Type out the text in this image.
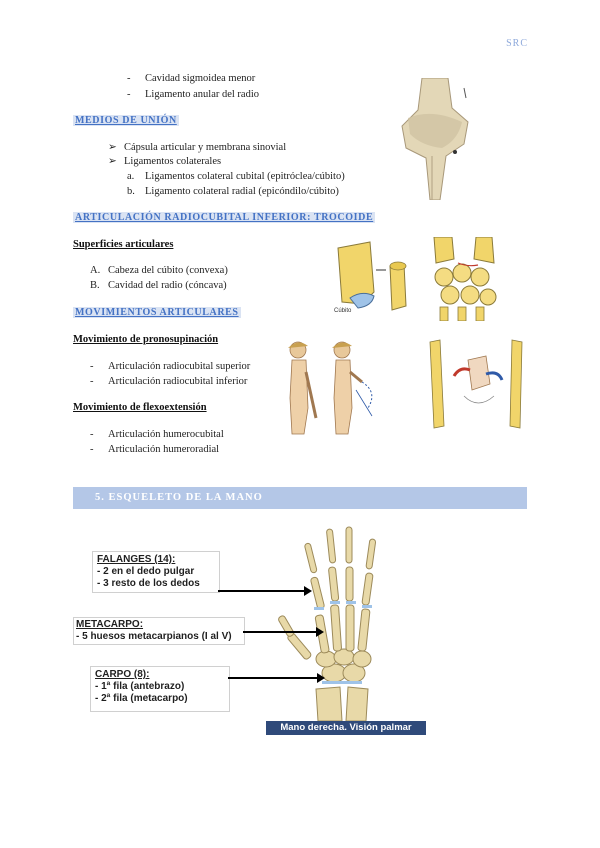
SRC
- Cavidad sigmoidea menor
- Ligamento anular del radio
MEDIOS DE UNIÓN
➢ Cápsula articular y membrana sinovial
➢ Ligamentos colaterales
a. Ligamentos colateral cubital (epitróclea/cúbito)
b. Ligamento colateral radial (epicóndilo/cúbito)
ARTICULACIÓN RADIOCUBITAL INFERIOR: TROCOIDE
Superficies articulares
A. Cabeza del cúbito (convexa)
B. Cavidad del radio (cóncava)
Cúbito
MOVIMIENTOS ARTICULARES
Movimiento de pronosupinación
- Articulación radiocubital superior
- Articulación radiocubital inferior
Movimiento de flexoextensión
- Articulación humerocubital
- Articulación humeroradial
5. ESQUELETO DE LA MANO
FALANGES (14):
- 2 en el dedo pulgar
- 3 resto de los dedos
METACARPO:
- 5 huesos metacarpianos (I al V)
CARPO (8):
- 1ª fila (antebrazo)
- 2ª fila (metacarpo)
Mano derecha. Visión palmar
